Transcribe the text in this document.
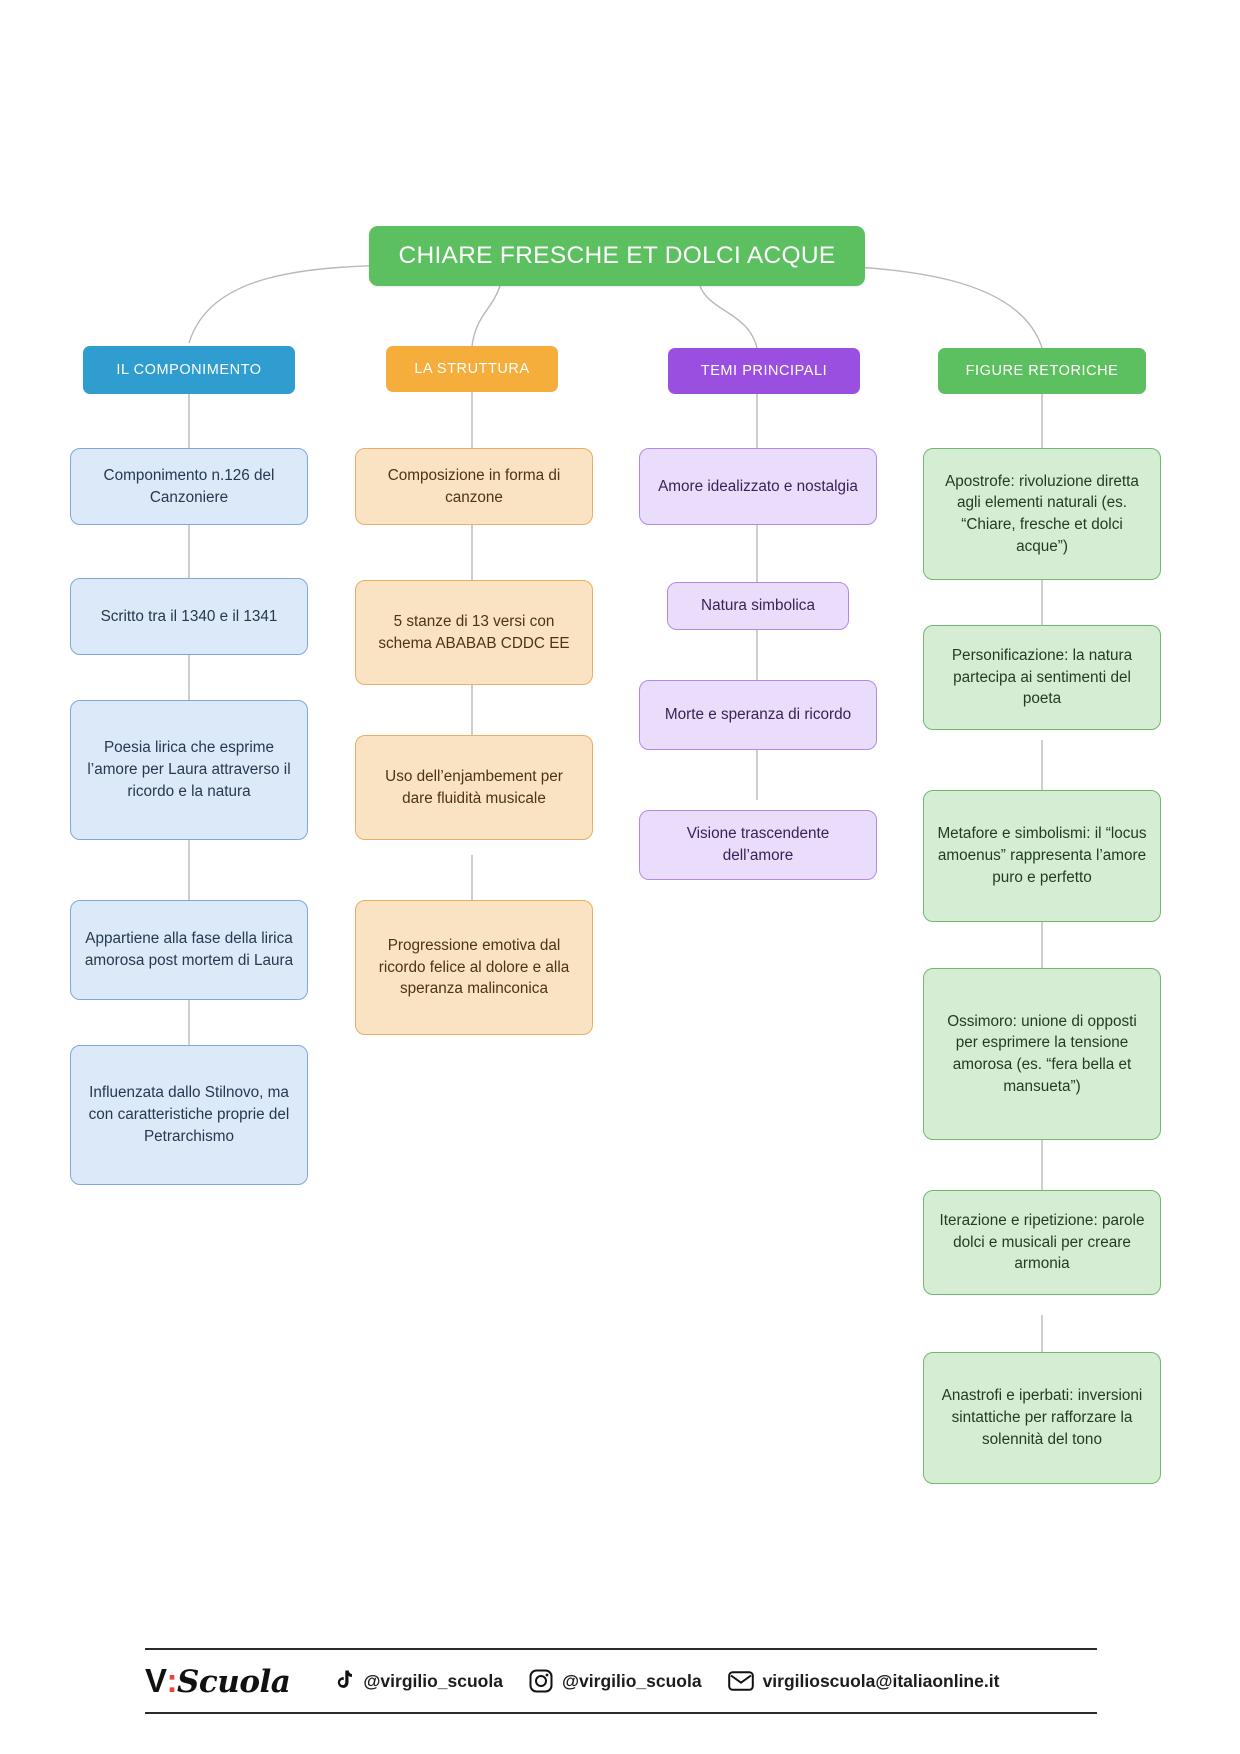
CHIARE FRESCHE ET DOLCI ACQUE
IL COMPONIMENTO
Componimento n.126 del Canzoniere
Scritto tra il 1340 e il 1341
Poesia lirica che esprime l’amore per Laura attraverso il ricordo e la natura
Appartiene alla fase della lirica amorosa post mortem di Laura
Influenzata dallo Stilnovo, ma con caratteristiche proprie del Petrarchismo
LA STRUTTURA
Composizione in forma di canzone
5 stanze di 13 versi con schema ABABAB CDDC EE
Uso dell’enjambement per dare fluidità musicale
Progressione emotiva dal ricordo felice al dolore e alla speranza malinconica
TEMI PRINCIPALI
Amore idealizzato e nostalgia
Natura simbolica
Morte e speranza di ricordo
Visione trascendente dell’amore
FIGURE RETORICHE
Apostrofe: rivoluzione diretta agli elementi naturali (es. “Chiare, fresche et dolci acque”)
Personificazione: la natura partecipa ai sentimenti del poeta
Metafore e simbolismi: il “locus amoenus” rappresenta l’amore puro e perfetto
Ossimoro: unione di opposti per esprimere la tensione amorosa (es. “fera bella et mansueta”)
Iterazione e ripetizione: parole dolci e musicali per creare armonia
Anastrofi e iperbati: inversioni sintattiche per rafforzare la solennità del tono
V : Scuola	@virgilio_scuola	@virgilio_scuola	virgilioscuola@italiaonline.it
